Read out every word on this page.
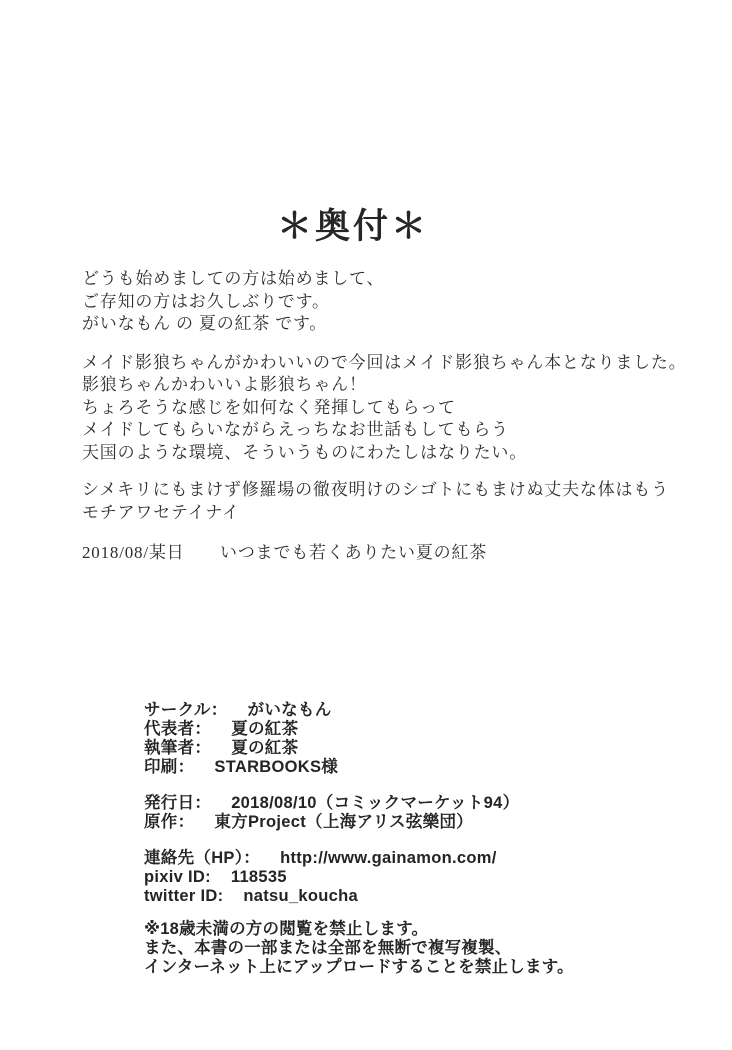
＊奥付＊

どうも始めましての方は始めまして、

ご存知の方はお久しぶりです。

がいなもん の 夏の紅茶 です。

メイド影狼ちゃんがかわいいので今回はメイド影狼ちゃん本となりました。

影狼ちゃんかわいいよ影狼ちゃん！

ちょろそうな感じを如何なく発揮してもらって

メイドしてもらいながらえっちなお世話もしてもらう

天国のような環境、そういうものにわたしはなりたい。

シメキリにもまけず修羅場の徹夜明けのシゴトにもまけぬ丈夫な体はもう

モチアワセテイナイ

2018/08/某日　　いつまでも若くありたい夏の紅茶

サークル： がいなもん
代表者： 夏の紅茶
執筆者： 夏の紅茶
印刷： STARBOOKS様
発行日： 2018/08/10（コミックマーケット94）
原作： 東方Project（上海アリス弦樂団）
連絡先（HP）： http://www.gainamon.com/
pixiv ID: 118535
twitter ID: natsu_koucha

※18歳未満の方の閲覧を禁止します。

また、本書の一部または全部を無断で複写複製、

インターネット上にアップロードすることを禁止します。
